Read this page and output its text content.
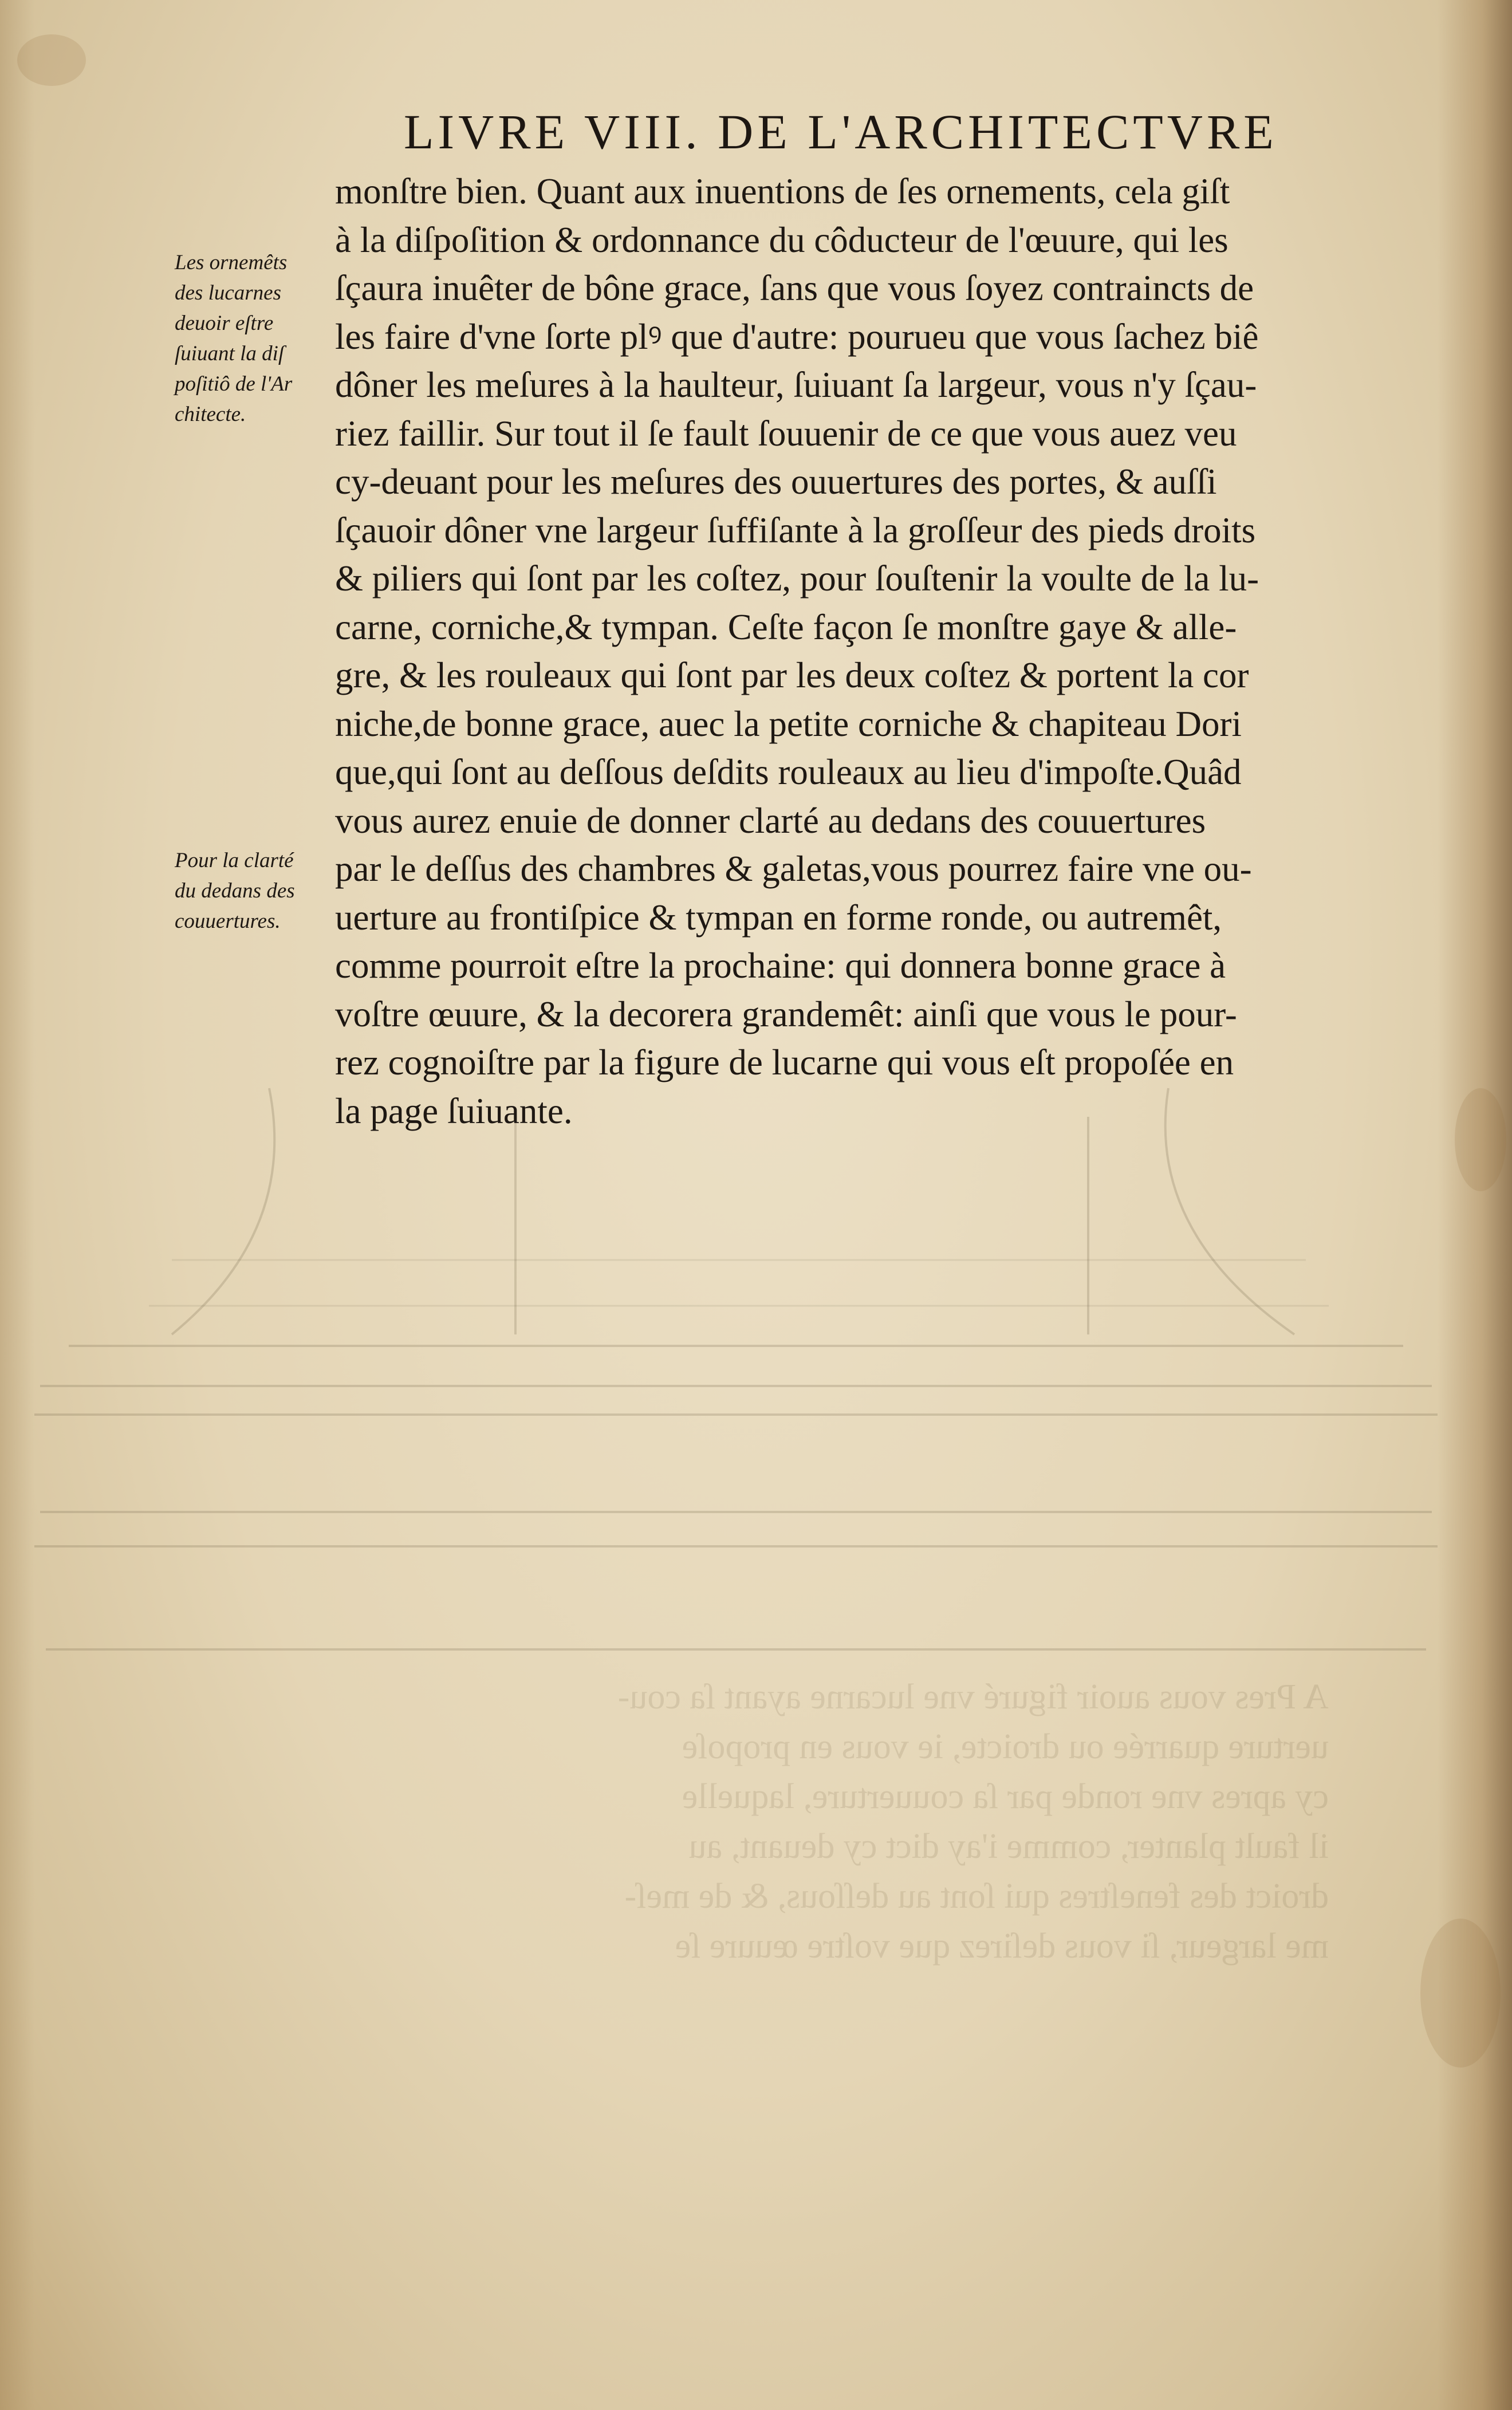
A Pres vous auoir figuré vne lucarne ayant ſa cou-
uerture quarrée ou droicte, ie vous en propoſe
cy apres vne ronde par ſa couuerture, laquelle
il fault planter, comme i'ay dict cy deuant, au
droict des feneſtres qui ſont au deſſous, & de meſ-
me largeur, ſi vous deſirez que voſtre œuure ſe
LIVRE VIII. DE L'ARCHITECTVRE
monſtre bien. Quant aux inuentions de ſes ornements, cela giſt
à la diſpoſition & ordonnance du côducteur de l'œuure, qui les
ſçaura inuêter de bône grace, ſans que vous ſoyez contraincts de
les faire d'vne ſorte plꝰ que d'autre: pourueu que vous ſachez biê
dôner les meſures à la haulteur, ſuiuant ſa largeur, vous n'y ſçau-
riez faillir. Sur tout il ſe fault ſouuenir de ce que vous auez veu
cy-deuant pour les meſures des ouuertures des portes, & auſſi
ſçauoir dôner vne largeur ſuffiſante à la groſſeur des pieds droits
& piliers qui ſont par les coſtez, pour ſouſtenir la voulte de la lu-
carne, corniche,& tympan. Ceſte façon ſe monſtre gaye & alle-
gre, & les rouleaux qui ſont par les deux coſtez & portent la cor
niche,de bonne grace, auec la petite corniche & chapiteau Dori
que,qui ſont au deſſous deſdits rouleaux au lieu d'impoſte.Quâd
vous aurez enuie de donner clarté au dedans des couuertures
par le deſſus des chambres & galetas,vous pourrez faire vne ou-
uerture au frontiſpice & tympan en forme ronde, ou autremêt,
comme pourroit eſtre la prochaine: qui donnera bonne grace à
voſtre œuure, & la decorera grandemêt: ainſi que vous le pour-
rez cognoiſtre par la figure de lucarne qui vous eſt propoſée en
la page ſuiuante.
Les ornemêts
des lucarnes
deuoir eſtre
ſuiuant la diſ
poſitiô de l'Ar
chitecte.
Pour la clarté
du dedans des
couuertures.
